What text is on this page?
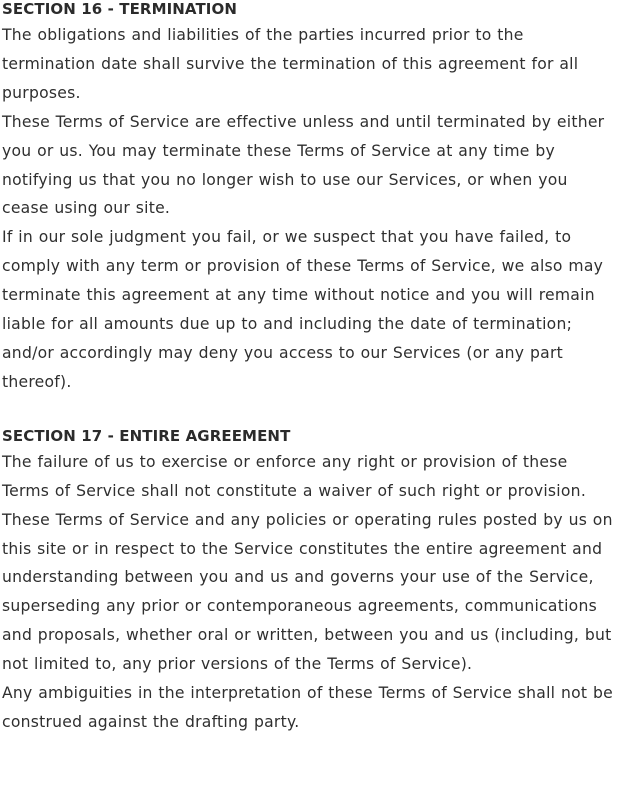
SECTION 16 - TERMINATION

The obligations and liabilities of the parties incurred prior to the termination date shall survive the termination of this agreement for all purposes.

These Terms of Service are effective unless and until terminated by either you or us. You may terminate these Terms of Service at any time by notifying us that you no longer wish to use our Services, or when you cease using our site.

If in our sole judgment you fail, or we suspect that you have failed, to comply with any term or provision of these Terms of Service, we also may terminate this agreement at any time without notice and you will remain liable for all amounts due up to and including the date of termination; and/or accordingly may deny you access to our Services (or any part thereof).

SECTION 17 - ENTIRE AGREEMENT

The failure of us to exercise or enforce any right or provision of these Terms of Service shall not constitute a waiver of such right or provision.

These Terms of Service and any policies or operating rules posted by us on this site or in respect to the Service constitutes the entire agreement and understanding between you and us and governs your use of the Service, superseding any prior or contemporaneous agreements, communications and proposals, whether oral or written, between you and us (including, but not limited to, any prior versions of the Terms of Service).

Any ambiguities in the interpretation of these Terms of Service shall not be construed against the drafting party.
